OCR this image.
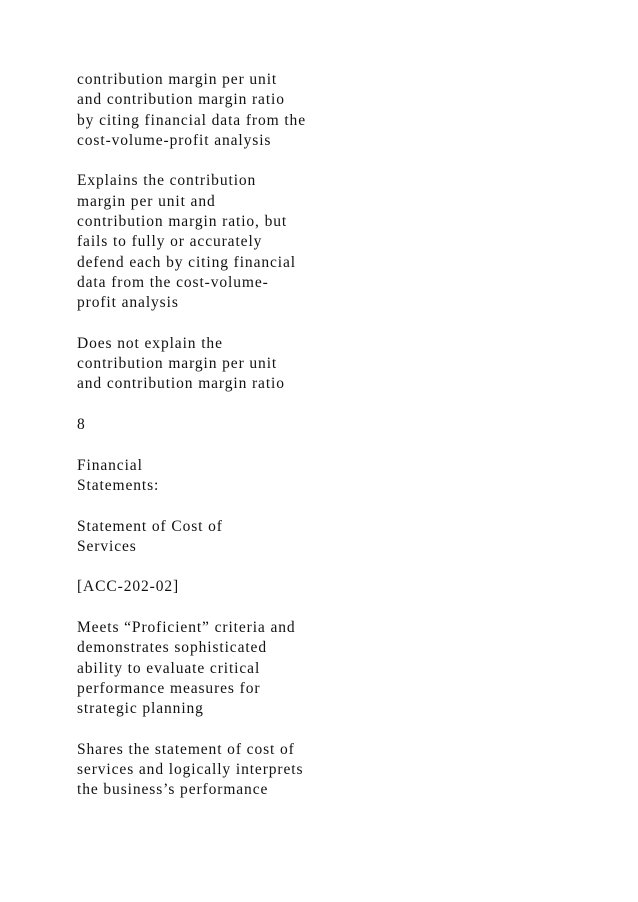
contribution margin per unit
and contribution margin ratio
by citing financial data from the
cost-volume-profit analysis
Explains the contribution
margin per unit and
contribution margin ratio, but
fails to fully or accurately
defend each by citing financial
data from the cost-volume-
profit analysis
Does not explain the
contribution margin per unit
and contribution margin ratio
8
Financial
Statements:
Statement of Cost of
Services
[ACC-202-02]
Meets “Proficient” criteria and
demonstrates sophisticated
ability to evaluate critical
performance measures for
strategic planning
Shares the statement of cost of
services and logically interprets
the business’s performance
